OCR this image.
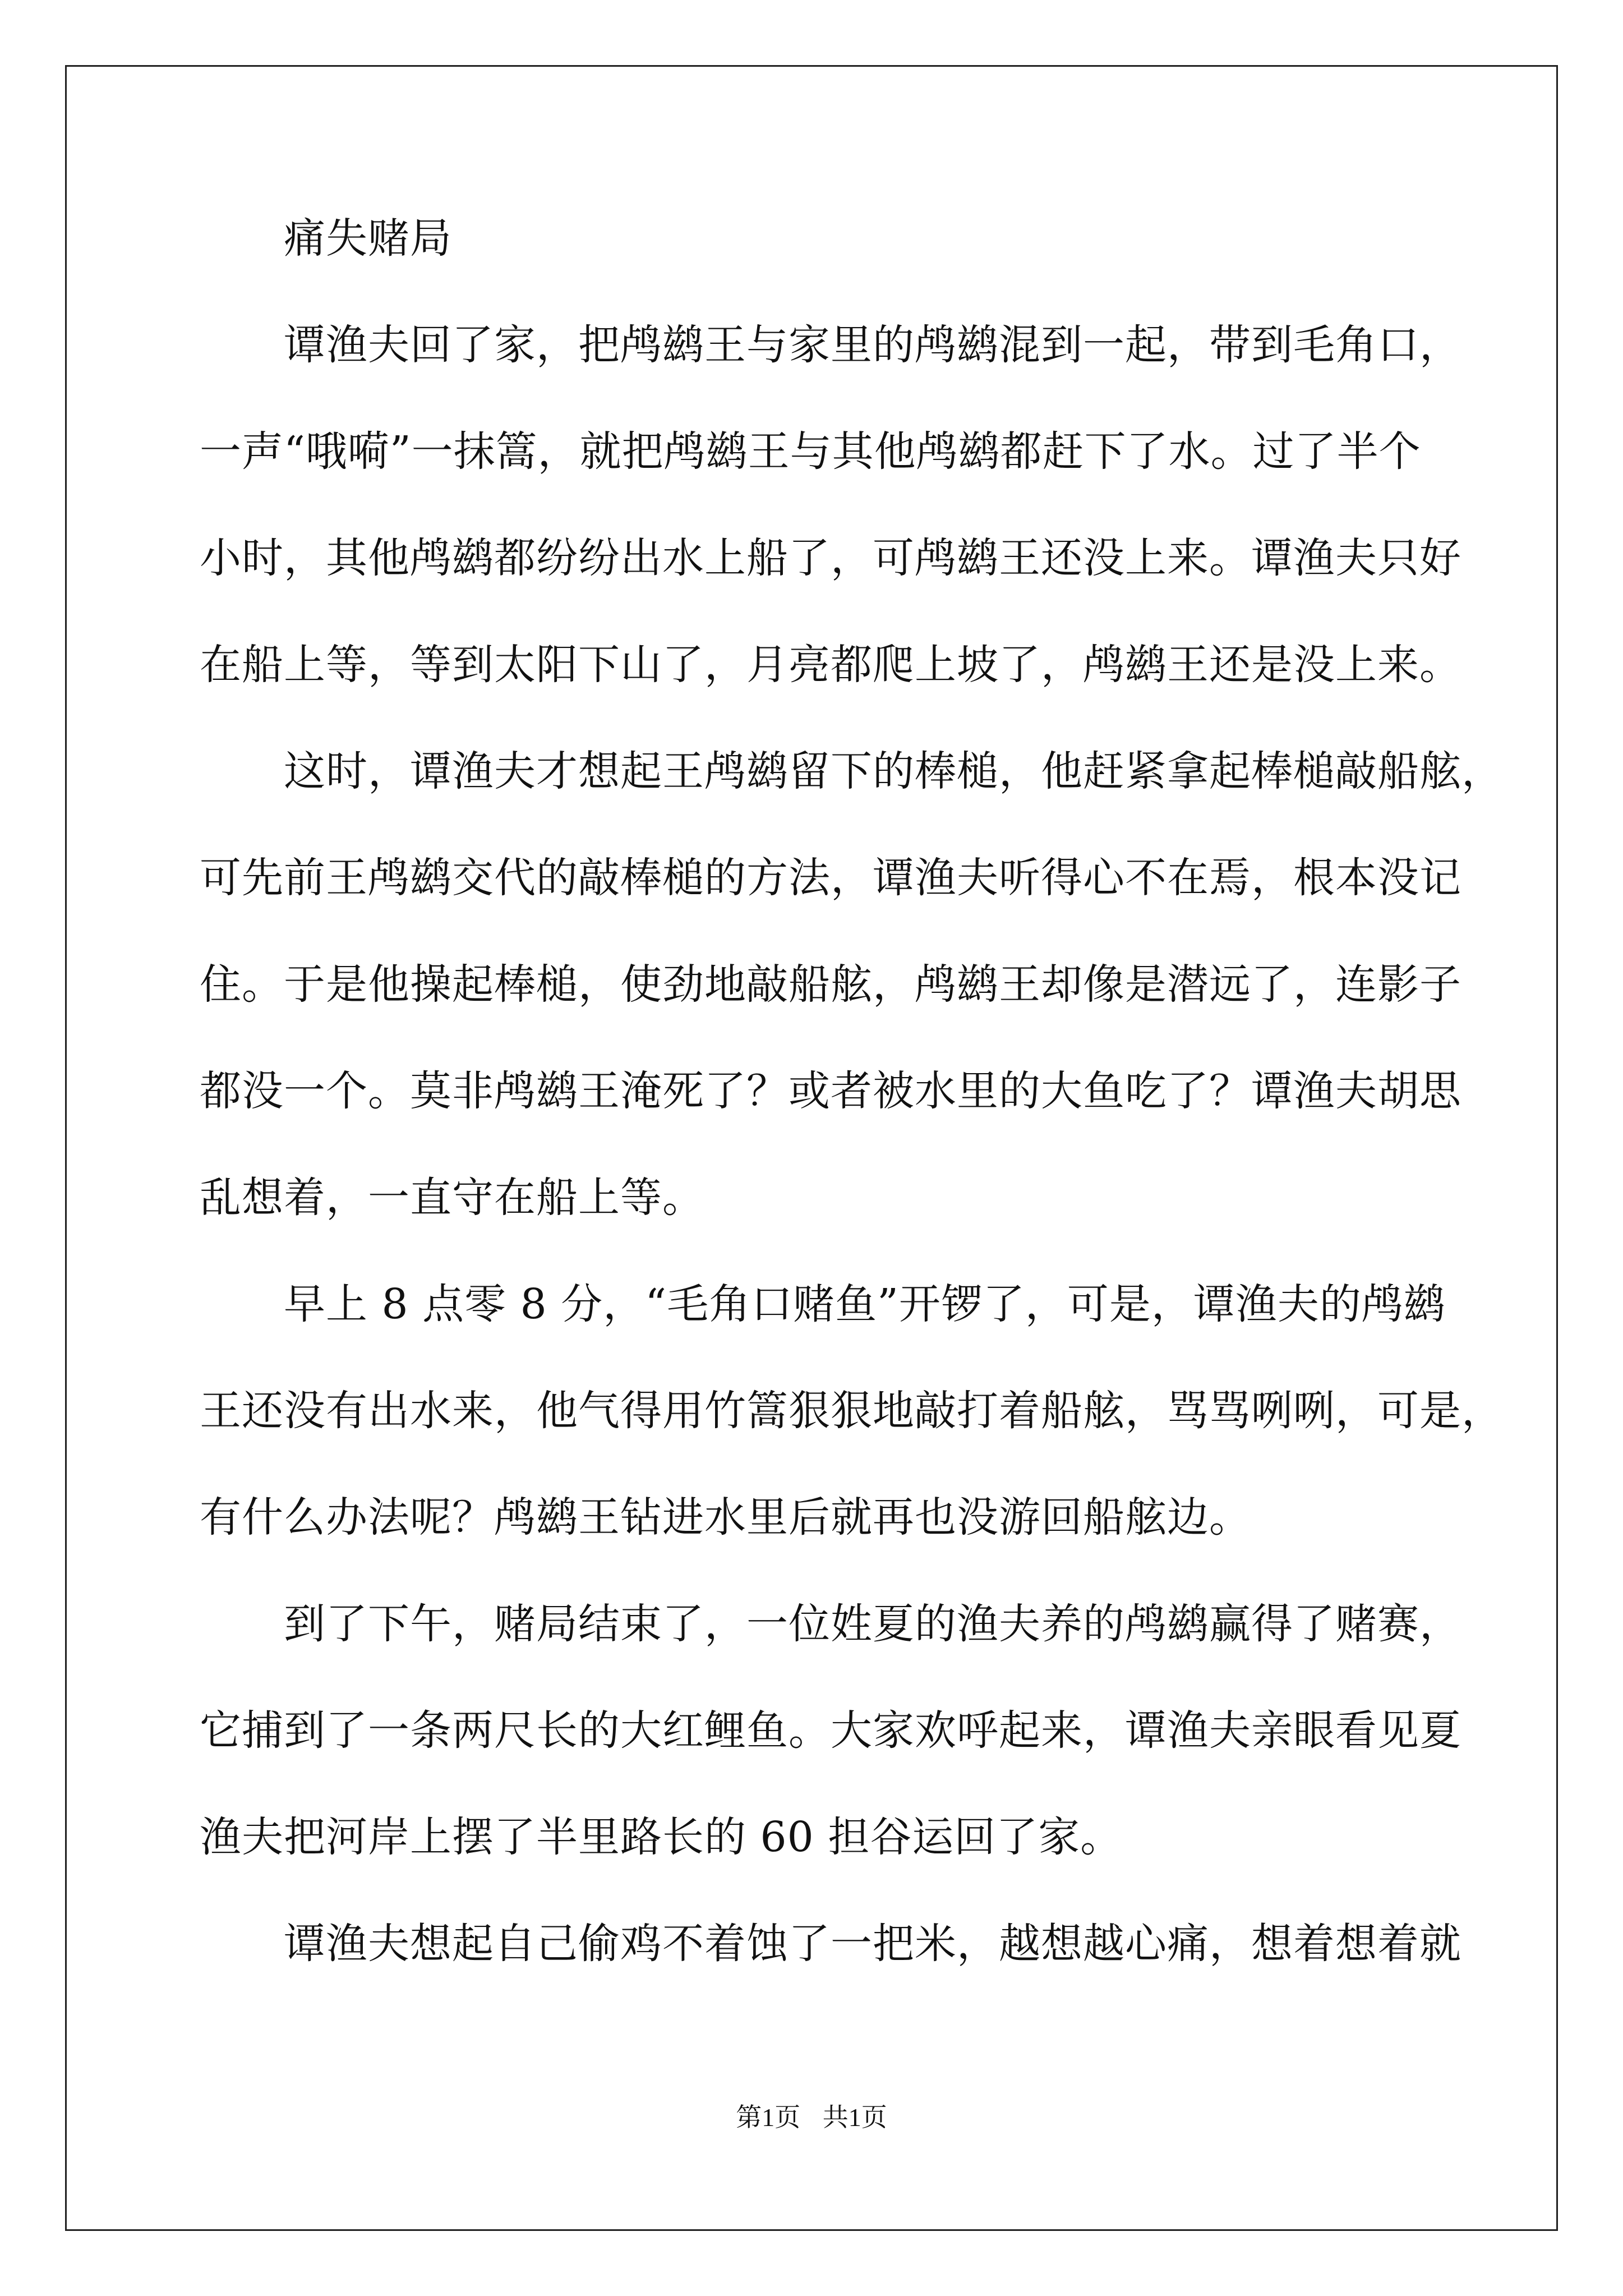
痛失赌局
谭渔夫回了家，把鸬鹚王与家里的鸬鹚混到一起，带到毛角口，
一声“哦嗬”一抹篙，就把鸬鹚王与其他鸬鹚都赶下了水。过了半个
小时，其他鸬鹚都纷纷出水上船了，可鸬鹚王还没上来。谭渔夫只好
在船上等，等到太阳下山了，月亮都爬上坡了，鸬鹚王还是没上来。
这时，谭渔夫才想起王鸬鹚留下的棒槌，他赶紧拿起棒槌敲船舷，
可先前王鸬鹚交代的敲棒槌的方法，谭渔夫听得心不在焉，根本没记
住。于是他操起棒槌，使劲地敲船舷，鸬鹚王却像是潜远了，连影子
都没一个。莫非鸬鹚王淹死了？或者被水里的大鱼吃了？谭渔夫胡思
乱想着，一直守在船上等。
早上 8 点零 8 分，“毛角口赌鱼”开锣了，可是，谭渔夫的鸬鹚
王还没有出水来，他气得用竹篙狠狠地敲打着船舷，骂骂咧咧，可是，
有什么办法呢？鸬鹚王钻进水里后就再也没游回船舷边。
到了下午，赌局结束了，一位姓夏的渔夫养的鸬鹚赢得了赌赛，
它捕到了一条两尺长的大红鲤鱼。大家欢呼起来，谭渔夫亲眼看见夏
渔夫把河岸上摆了半里路长的 60 担谷运回了家。
谭渔夫想起自己偷鸡不着蚀了一把米，越想越心痛，想着想着就
第1页 共1页
